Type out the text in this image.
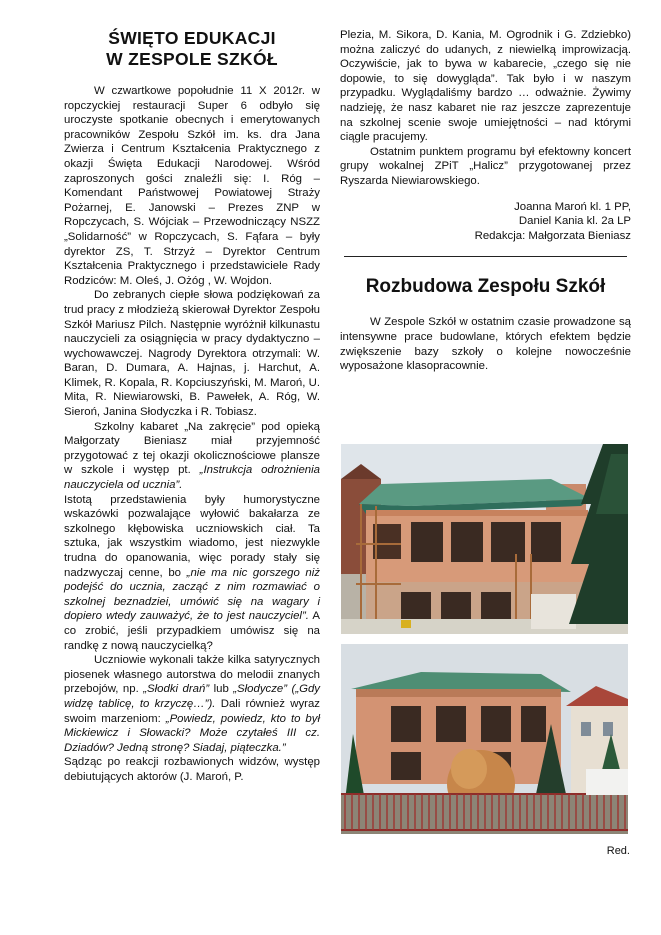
ŚWIĘTO EDUKACJI
W ZESPOLE SZKÓŁ

W czwartkowe popołudnie 11 X 2012r. w ropczyckiej restauracji Super 6 odbyło się uroczyste spotkanie obecnych i emerytowanych pracowników Zespołu Szkół im. ks. dra Jana Zwierza i Centrum Kształcenia Praktycznego z okazji Święta Edukacji Narodowej. Wśród zaproszonych gości znaleźli się: I. Róg – Komendant Państwowej Powiatowej Straży Pożarnej, E. Janowski – Prezes ZNP w Ropczycach, S. Wójciak – Przewodniczący NSZZ „Solidarność” w Ropczycach, S. Fąfara – były dyrektor ZS, T. Strzyż – Dyrektor Centrum Kształcenia Praktycznego i przedstawiciele Rady Rodziców: M. Oleś, J. Ożóg , W. Wojdon.

Do zebranych ciepłe słowa podziękowań za trud pracy z młodzieżą skierował Dyrektor Zespołu Szkół Mariusz Pilch. Następnie wyróżnił kilkunastu nauczycieli za osiągnięcia w pracy dydaktyczno – wychowawczej. Nagrody Dyrektora otrzymali: W. Baran, D. Dumara, A. Hajnas, j. Harchut, A. Klimek, R. Kopala, R. Kopciuszyński, M. Maroń, U. Mita, R. Niewiarowski, B. Pawełek, A. Róg, W. Sieroń, Janina Słodyczka i R. Tobiasz.

Szkolny kabaret „Na zakręcie” pod opieką Małgorzaty Bieniasz miał przyjemność przygotować z tej okazji okolicznościowe plansze w szkole i występ pt. „Instrukcja odrożnienia nauczyciela od ucznia”.

Istotą przedstawienia były humorystyczne wskazówki pozwalające wyłowić bakałarza ze szkolnego kłębowiska uczniowskich ciał. Ta sztuka, jak wszystkim wiadomo, jest niezwykle trudna do opanowania, więc porady stały się nadzwyczaj cenne, bo „nie ma nic gorszego niż podejść do ucznia, zacząć z nim rozmawiać o szkolnej beznadziei, umówić się na wagary i dopiero wtedy zauważyć, że to jest nauczyciel”. A co zrobić, jeśli przypadkiem umówisz się na randkę z nową nauczycielką?

Uczniowie wykonali także kilka satyrycznych piosenek własnego autorstwa do melodii znanych przebojów, np. „Słodki drań” lub „Słodycze” („Gdy widzę tablicę, to krzyczę…”). Dali również wyraz swoim marzeniom: „Powiedz, powiedz, kto to był Mickiewicz i Słowacki? Może czytałeś III cz. Dziadów? Jedną stronę? Siadaj, piąteczka.”

Sądząc po reakcji rozbawionych widzów, występ debiutujących aktorów (J. Maroń, P.

Plezia, M. Sikora, D. Kania, M. Ogrodnik i G. Zdziebko) można zaliczyć do udanych, z niewielką improwizacją. Oczywiście, jak to bywa w kabarecie, „czego się nie dopowie, to się dowygląda”. Tak było i w naszym przypadku. Wyglądaliśmy bardzo … odważnie. Żywimy nadzieję, że nasz kabaret nie raz jeszcze zaprezentuje na szkolnej scenie swoje umiejętności – nad którymi ciągle pracujemy.

Ostatnim punktem programu był efektowny koncert grupy wokalnej ZPiT „Halicz” przygotowanej przez Ryszarda Niewiarowskiego.

Joanna Maroń kl. 1 PP,
Daniel Kania kl. 2a LP
Redakcja: Małgorzata Bieniasz
Rozbudowa Zespołu Szkół

W Zespole Szkół w ostatnim czasie prowadzone są intensywne prace budowlane, których efektem będzie zwiększenie bazy szkoły o kolejne nowocześnie wyposażone klasopracownie.

Red.
